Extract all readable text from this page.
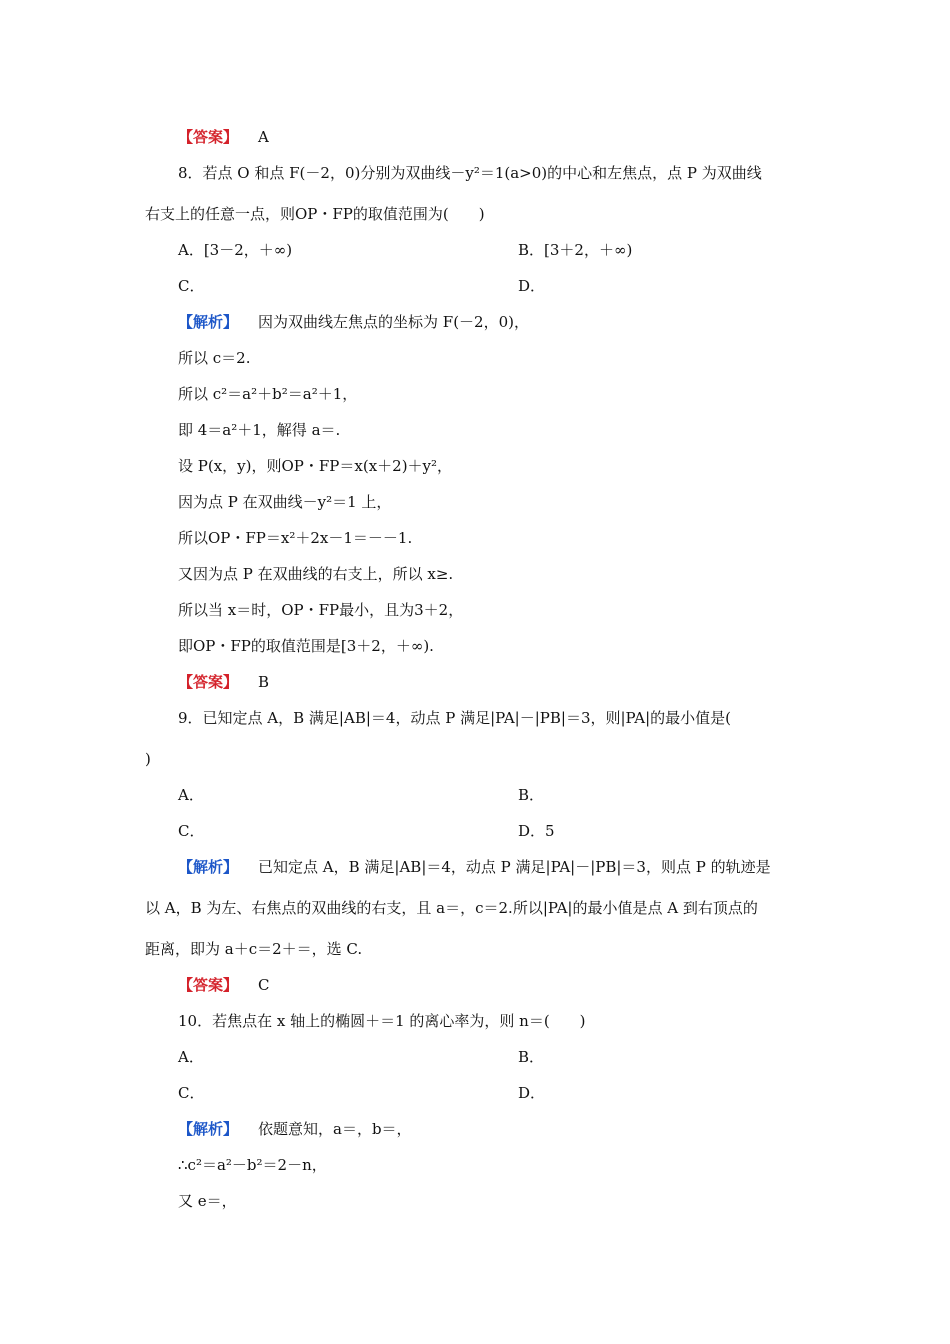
【答案】 A
8．若点 O 和点 F(－2，0)分别为双曲线－y²＝1(a>0)的中心和左焦点，点 P 为双曲线
右支上的任意一点，则OP・FP的取值范围为(　　)
A．[3－2，＋∞)	B．[3＋2，＋∞)
C．	D．
【解析】 因为双曲线左焦点的坐标为 F(－2，0)，
所以 c＝2.
所以 c²＝a²＋b²＝a²＋1，
即 4＝a²＋1，解得 a＝.
设 P(x，y)，则OP・FP＝x(x＋2)＋y²，
因为点 P 在双曲线－y²＝1 上，
所以OP・FP＝x²＋2x－1＝－－1.
又因为点 P 在双曲线的右支上，所以 x≥.
所以当 x＝时，OP・FP最小，且为3＋2，
即OP・FP的取值范围是[3＋2，＋∞).
【答案】 B
9．已知定点 A，B 满足|AB|＝4，动点 P 满足|PA|－|PB|＝3，则|PA|的最小值是(
)
A．	B．
C．	D．5
【解析】 已知定点 A，B 满足|AB|＝4，动点 P 满足|PA|－|PB|＝3，则点 P 的轨迹是
以 A，B 为左、右焦点的双曲线的右支，且 a＝，c＝2.所以|PA|的最小值是点 A 到右顶点的
距离，即为 a＋c＝2＋＝，选 C.
【答案】 C
10．若焦点在 x 轴上的椭圆＋＝1 的离心率为，则 n＝(　　)
A．	B．
C．	D．
【解析】 依题意知，a＝，b＝，
∴c²＝a²－b²＝2－n，
又 e＝，
